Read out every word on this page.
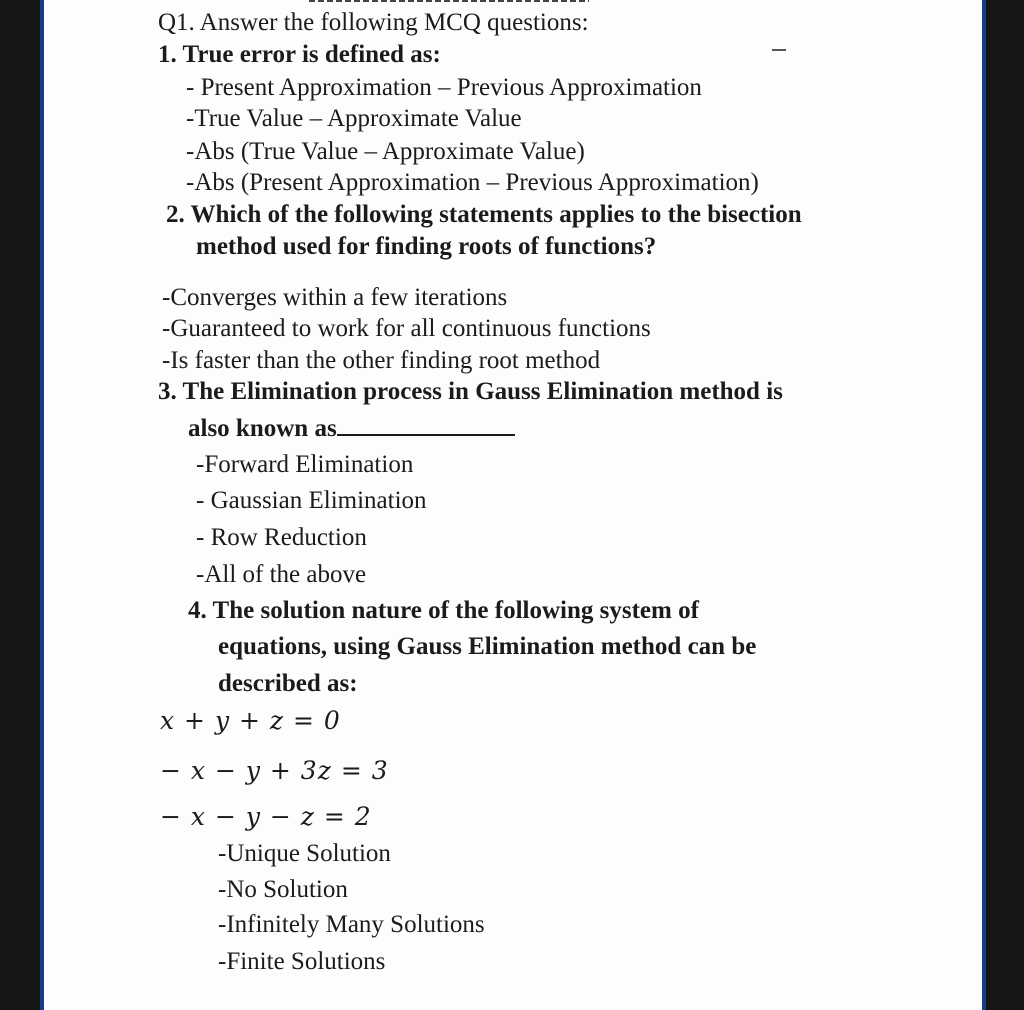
Q1. Answer the following MCQ questions:
1. True error is defined as:
- Present Approximation – Previous Approximation
-True Value – Approximate Value
-Abs (True Value – Approximate Value)
-Abs (Present Approximation – Previous Approximation)
2. Which of the following statements applies to the bisection
method used for finding roots of functions?
-Converges within a few iterations
-Guaranteed to work for all continuous functions
-Is faster than the other finding root method
3. The Elimination process in Gauss Elimination method is
also known as
-Forward Elimination
- Gaussian Elimination
- Row Reduction
-All of the above
4. The solution nature of the following system of
equations, using Gauss Elimination method can be
described as:
x + y + z = 0
− x − y + 3z = 3
− x − y − z = 2
-Unique Solution
-No Solution
-Infinitely Many Solutions
-Finite Solutions
